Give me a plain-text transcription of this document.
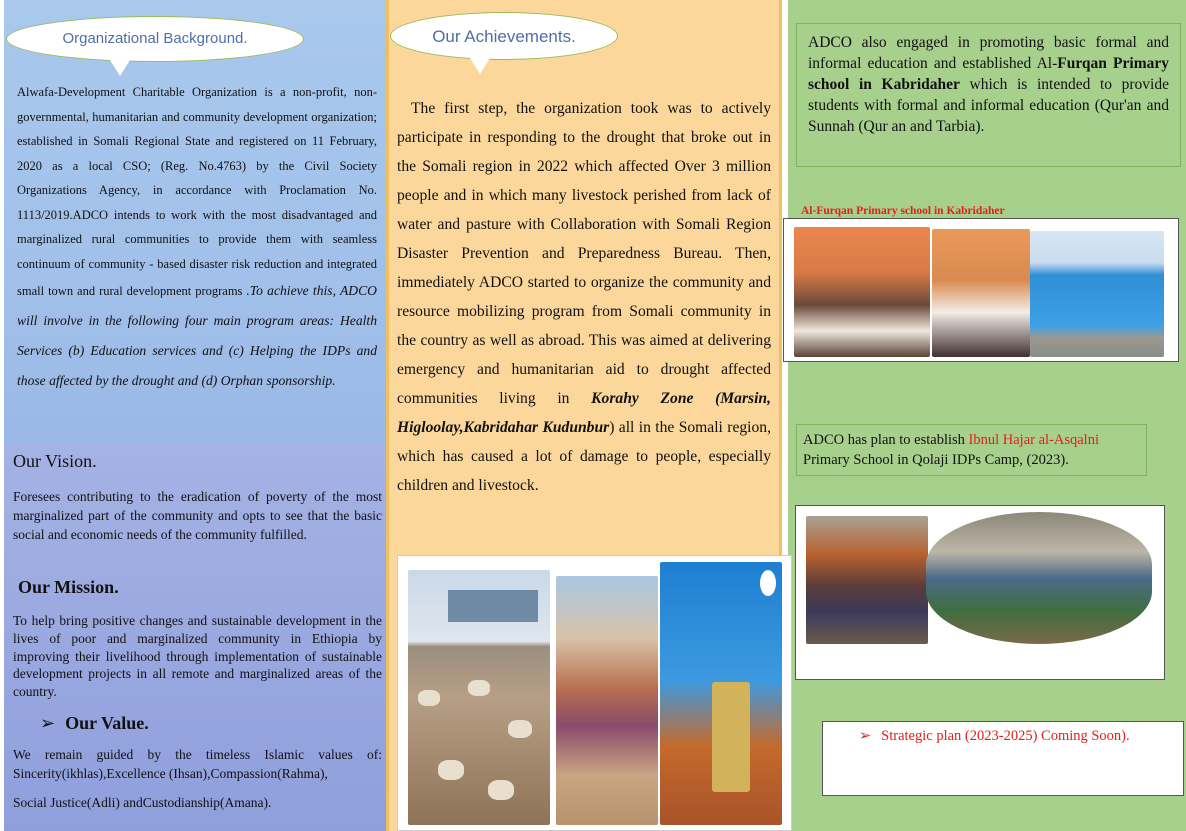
Organizational Background.
Alwafa-Development Charitable Organization is a non-profit, non-governmental, humanitarian and community development organization; established in Somali Regional State and registered on 11 February, 2020 as a local CSO; (Reg. No.4763) by the Civil Society Organizations Agency, in accordance with Proclamation No. 1113/2019.ADCO intends to work with the most disadvantaged and marginalized rural communities to provide them with seamless continuum of community - based disaster risk reduction and integrated small town and rural development programs .To achieve this, ADCO will involve in the following four main program areas: Health Services (b) Education services and (c) Helping the IDPs and those affected by the drought and (d) Orphan sponsorship.
Our Vision.
Foresees contributing to the eradication of poverty of the most marginalized part of the community and opts to see that the basic social and economic needs of the community fulfilled.
Our Mission.
To help bring positive changes and sustainable development in the lives of poor and marginalized community in Ethiopia by improving their livelihood through implementation of sustainable development projects in all remote and marginalized areas of the country.
➢ Our Value.
We remain guided by the timeless Islamic values of: Sincerity(ikhlas),Excellence (Ihsan),Compassion(Rahma),
Social Justice(Adli) andCustodianship(Amana).
Our Achievements.
The first step, the organization took was to actively participate in responding to the drought that broke out in the Somali region in 2022 which affected Over 3 million people and in which many livestock perished from lack of water and pasture with Collaboration with Somali Region Disaster Prevention and Preparedness Bureau. Then, immediately ADCO started to organize the community and resource mobilizing program from Somali community in the country as well as abroad. This was aimed at delivering emergency and humanitarian aid to drought affected communities living in Korahy Zone (Marsin, Higloolay,Kabridahar Kudunbur) all in the Somali region, which has caused a lot of damage to people, especially children and livestock.
ADCO also engaged in promoting basic formal and informal education and established Al-Furqan Primary school in Kabridaher which is intended to provide students with formal and informal education (Qur'an and Sunnah (Qur an and Tarbia).
Al-Furqan Primary school in Kabridaher
ADCO has plan to establish Ibnul Hajar al-Asqalni Primary School in Qolaji IDPs Camp, (2023).
➢ Strategic plan (2023-2025) Coming Soon).
